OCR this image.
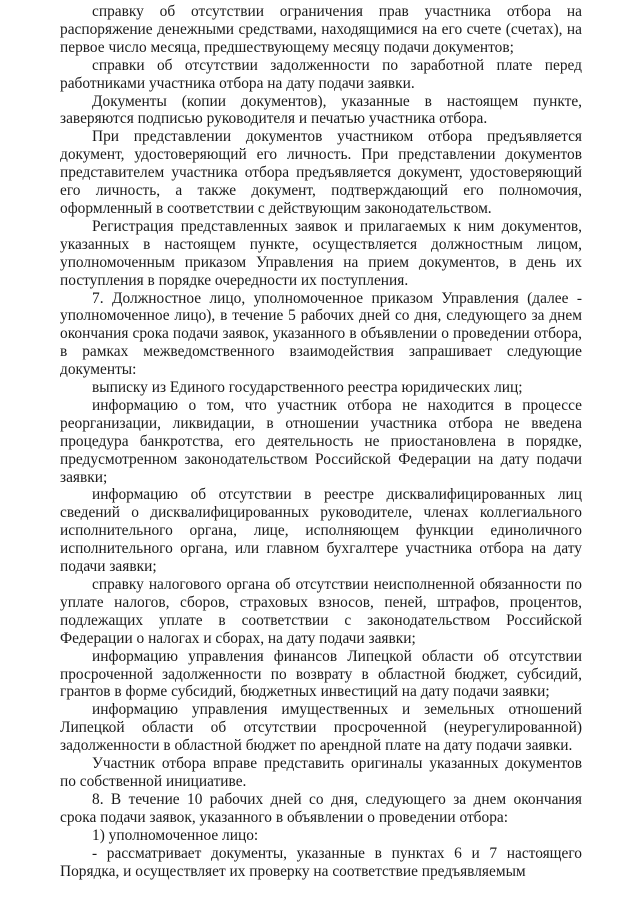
справку об отсутствии ограничения прав участника отбора на распоряжение денежными средствами, находящимися на его счете (счетах), на первое число месяца, предшествующему месяцу подачи документов;

справки об отсутствии задолженности по заработной плате перед работниками участника отбора на дату подачи заявки.

Документы (копии документов), указанные в настоящем пункте, заверяются подписью руководителя и печатью участника отбора.

При представлении документов участником отбора предъявляется документ, удостоверяющий его личность. При представлении документов представителем участника отбора предъявляется документ, удостоверяющий его личность, а также документ, подтверждающий его полномочия, оформленный в соответствии с действующим законодательством.

Регистрация представленных заявок и прилагаемых к ним документов, указанных в настоящем пункте, осуществляется должностным лицом, уполномоченным приказом Управления на прием документов, в день их поступления в порядке очередности их поступления.

7. Должностное лицо, уполномоченное приказом Управления (далее - уполномоченное лицо), в течение 5 рабочих дней со дня, следующего за днем окончания срока подачи заявок, указанного в объявлении о проведении отбора, в рамках межведомственного взаимодействия запрашивает следующие документы:

выписку из Единого государственного реестра юридических лиц;

информацию о том, что участник отбора не находится в процессе реорганизации, ликвидации, в отношении участника отбора не введена процедура банкротства, его деятельность не приостановлена в порядке, предусмотренном законодательством Российской Федерации на дату подачи заявки;

информацию об отсутствии в реестре дисквалифицированных лиц сведений о дисквалифицированных руководителе, членах коллегиального исполнительного органа, лице, исполняющем функции единоличного исполнительного органа, или главном бухгалтере участника отбора на дату подачи заявки;

справку налогового органа об отсутствии неисполненной обязанности по уплате налогов, сборов, страховых взносов, пеней, штрафов, процентов, подлежащих уплате в соответствии с законодательством Российской Федерации о налогах и сборах, на дату подачи заявки;

информацию управления финансов Липецкой области об отсутствии просроченной задолженности по возврату в областной бюджет, субсидий, грантов в форме субсидий, бюджетных инвестиций на дату подачи заявки;

информацию управления имущественных и земельных отношений Липецкой области об отсутствии просроченной (неурегулированной) задолженности в областной бюджет по арендной плате на дату подачи заявки.

Участник отбора вправе представить оригиналы указанных документов по собственной инициативе.

8. В течение 10 рабочих дней со дня, следующего за днем окончания срока подачи заявок, указанного в объявлении о проведении отбора:

1) уполномоченное лицо:

- рассматривает документы, указанные в пунктах 6 и 7 настоящего Порядка, и осуществляет их проверку на соответствие предъявляемым
